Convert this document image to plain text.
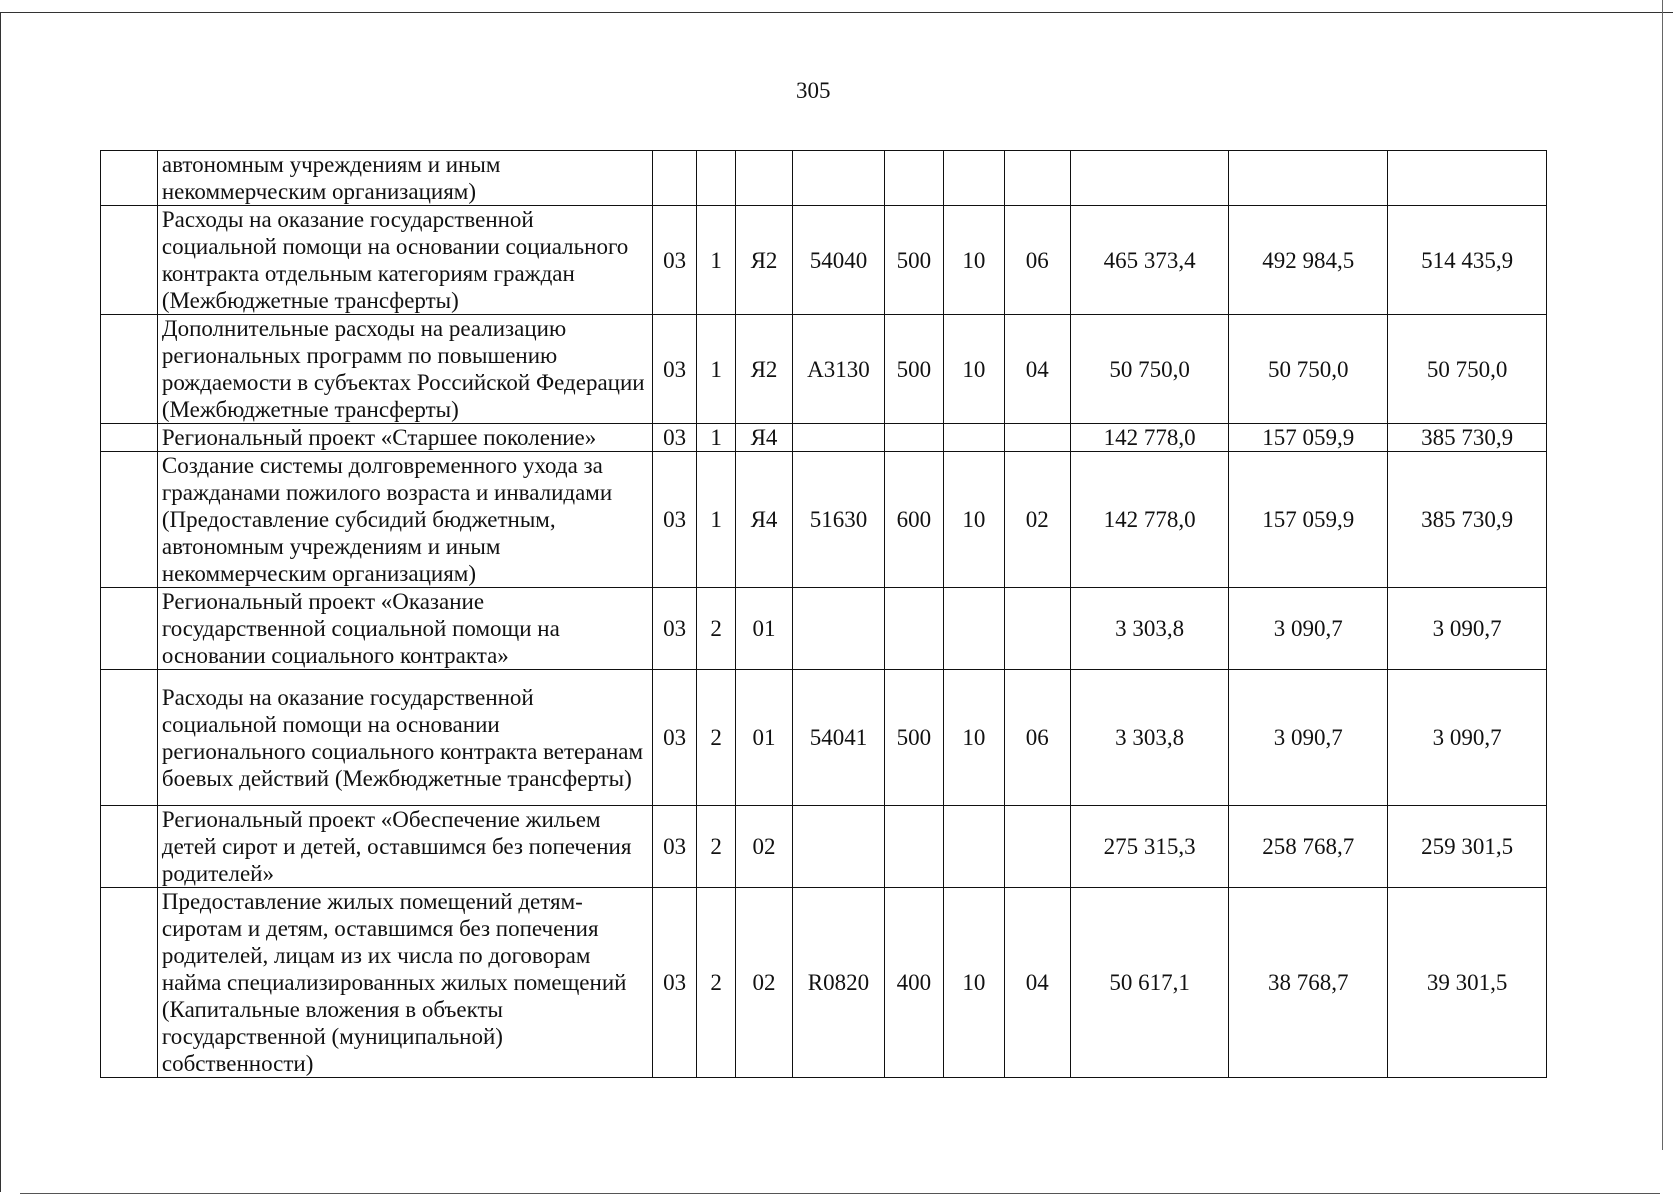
305
	автономным учреждениям и иным некоммерческим организациям)										
	Расходы на оказание государственной социальной помощи на основании социального контракта отдельным категориям граждан (Межбюджетные трансферты)	03	1	Я2	54040	500	10	06	465 373,4	492 984,5	514 435,9
	Дополнительные расходы на реализацию региональных программ по повышению рождаемости в субъектах Российской Федерации (Межбюджетные трансферты)	03	1	Я2	А3130	500	10	04	50 750,0	50 750,0	50 750,0
	Региональный проект «Старшее поколение»	03	1	Я4					142 778,0	157 059,9	385 730,9
	Создание системы долговременного ухода за гражданами пожилого возраста и инвалидами (Предоставление субсидий бюджетным, автономным учреждениям и иным некоммерческим организациям)	03	1	Я4	51630	600	10	02	142 778,0	157 059,9	385 730,9
	Региональный проект «Оказание государственной социальной помощи на основании социального контракта»	03	2	01					3 303,8	3 090,7	3 090,7
	Расходы на оказание государственной социальной помощи на основании регионального социального контракта ветеранам боевых действий (Межбюджетные трансферты)	03	2	01	54041	500	10	06	3 303,8	3 090,7	3 090,7
	Региональный проект «Обеспечение жильем детей сирот и детей, оставшимся без попечения родителей»	03	2	02					275 315,3	258 768,7	259 301,5
	Предоставление жилых помещений детям-сиротам и детям, оставшимся без попечения родителей, лицам из их числа по договорам найма специализированных жилых помещений (Капитальные вложения в объекты государственной (муниципальной) собственности)	03	2	02	R0820	400	10	04	50 617,1	38 768,7	39 301,5
